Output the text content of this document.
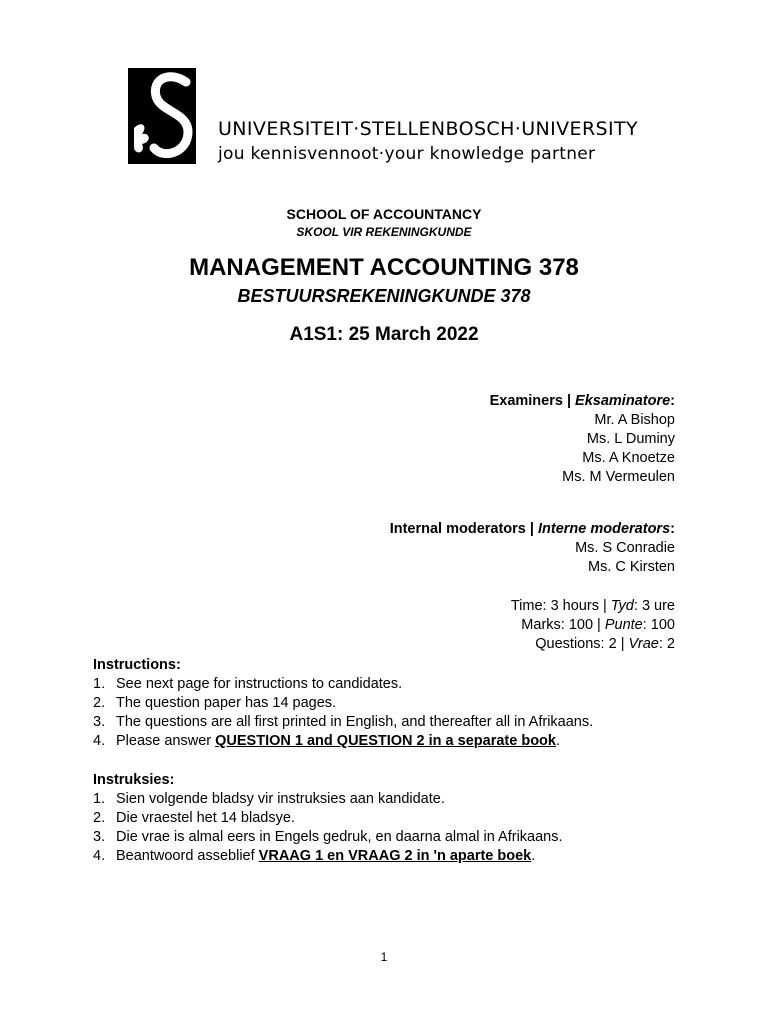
UNIVERSITEIT·STELLENBOSCH·UNIVERSITY
jou kennisvennoot·your knowledge partner
SCHOOL OF ACCOUNTANCY
SKOOL VIR REKENINGKUNDE
MANAGEMENT ACCOUNTING 378
BESTUURSREKENINGKUNDE 378
A1S1: 25 March 2022
Examiners | Eksaminatore:
Mr. A Bishop
Ms. L Duminy
Ms. A Knoetze
Ms. M Vermeulen
Internal moderators | Interne moderators:
Ms. S Conradie
Ms. C Kirsten
Time: 3 hours | Tyd: 3 ure
Marks: 100 | Punte: 100
Questions: 2 | Vrae: 2
Instructions:
1. See next page for instructions to candidates.
2. The question paper has 14 pages.
3. The questions are all first printed in English, and thereafter all in Afrikaans.
4. Please answer QUESTION 1 and QUESTION 2 in a separate book.
Instruksies:
1. Sien volgende bladsy vir instruksies aan kandidate.
2. Die vraestel het 14 bladsye.
3. Die vrae is almal eers in Engels gedruk, en daarna almal in Afrikaans.
4. Beantwoord asseblief VRAAG 1 en VRAAG 2 in 'n aparte boek.
1
